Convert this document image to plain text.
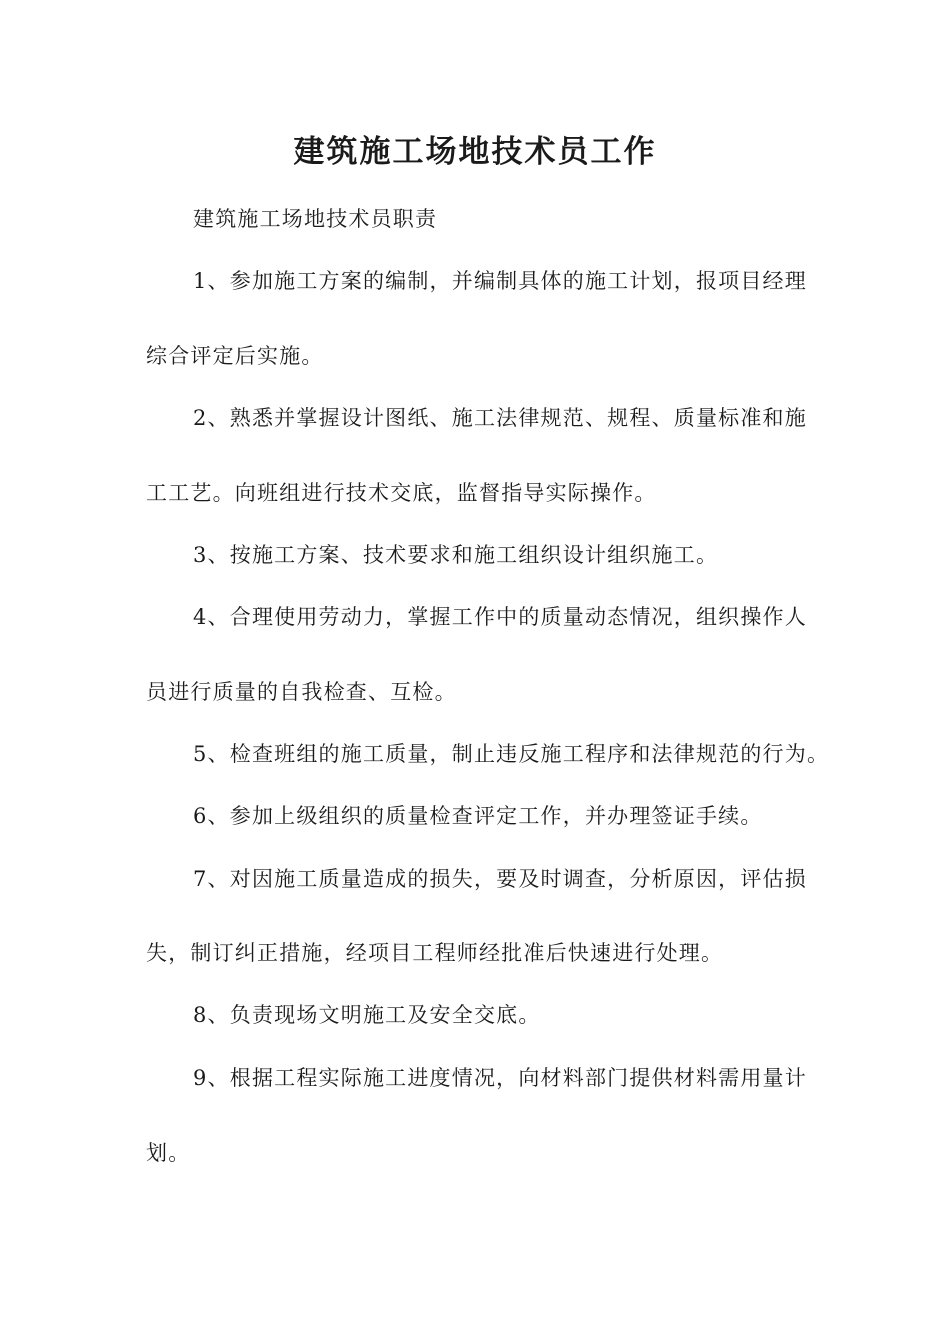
建筑施工场地技术员工作
建筑施工场地技术员职责
1、参加施工方案的编制，并编制具体的施工计划，报项目经理
综合评定后实施。
2、熟悉并掌握设计图纸、施工法律规范、规程、质量标准和施
工工艺。向班组进行技术交底，监督指导实际操作。
3、按施工方案、技术要求和施工组织设计组织施工。
4、合理使用劳动力，掌握工作中的质量动态情况，组织操作人
员进行质量的自我检查、互检。
5、检查班组的施工质量，制止违反施工程序和法律规范的行为。
6、参加上级组织的质量检查评定工作，并办理签证手续。
7、对因施工质量造成的损失，要及时调查，分析原因，评估损
失，制订纠正措施，经项目工程师经批准后快速进行处理。
8、负责现场文明施工及安全交底。
9、根据工程实际施工进度情况，向材料部门提供材料需用量计
划。
